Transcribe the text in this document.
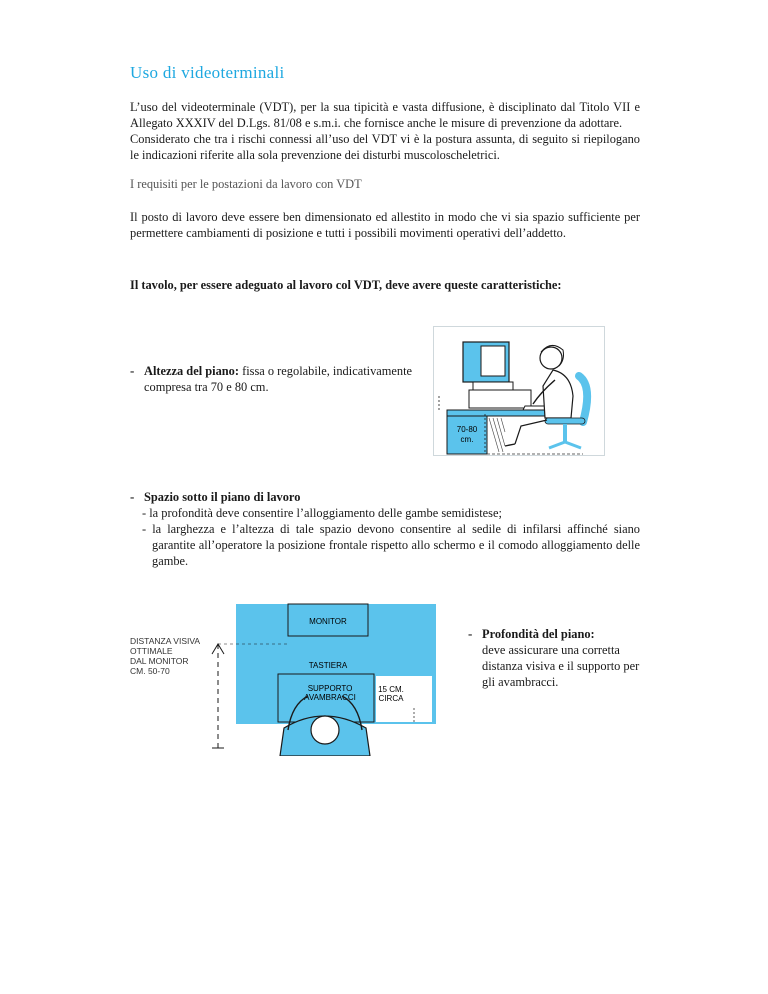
Uso di videoterminali

L’uso del videoterminale (VDT), per la sua tipicità e vasta diffusione, è disciplinato dal Titolo VII e Allegato XXXIV del D.Lgs. 81/08 e s.m.i. che fornisce anche le misure di prevenzione da adottare.

Considerato che tra i rischi connessi all’uso del VDT vi è la postura assunta, di seguito si riepilogano le indicazioni riferite alla sola prevenzione dei disturbi muscoloscheletrici.

I requisiti per le postazioni da lavoro con VDT
Il posto di lavoro deve essere ben dimensionato ed allestito in modo che vi sia spazio sufficiente per permettere cambiamenti di posizione e tutti i possibili movimenti operativi dell’addetto.
Il tavolo, per essere adeguato al lavoro col VDT, deve avere queste caratteristiche:
- Altezza del piano: fissa o regolabile, indicativamente compresa tra 70 e 80 cm.
70-80
cm.
- Spazio sotto il piano di lavoro
- la profondità deve consentire l’alloggiamento delle gambe semidistese;
- la larghezza e l’altezza di tale spazio devono consentire al sedile di infilarsi affinché siano garantite all’operatore la posizione frontale rispetto allo schermo e il comodo alloggiamento delle gambe.
DISTANZA VISIVA
OTTIMALE
DAL MONITOR
CM. 50-70
MONITOR
TASTIERA
SUPPORTO
AVAMBRACCI
15 CM.
CIRCA
- Profondità del piano:
deve assicurare una corretta distanza visiva e il supporto per gli avambracci.
